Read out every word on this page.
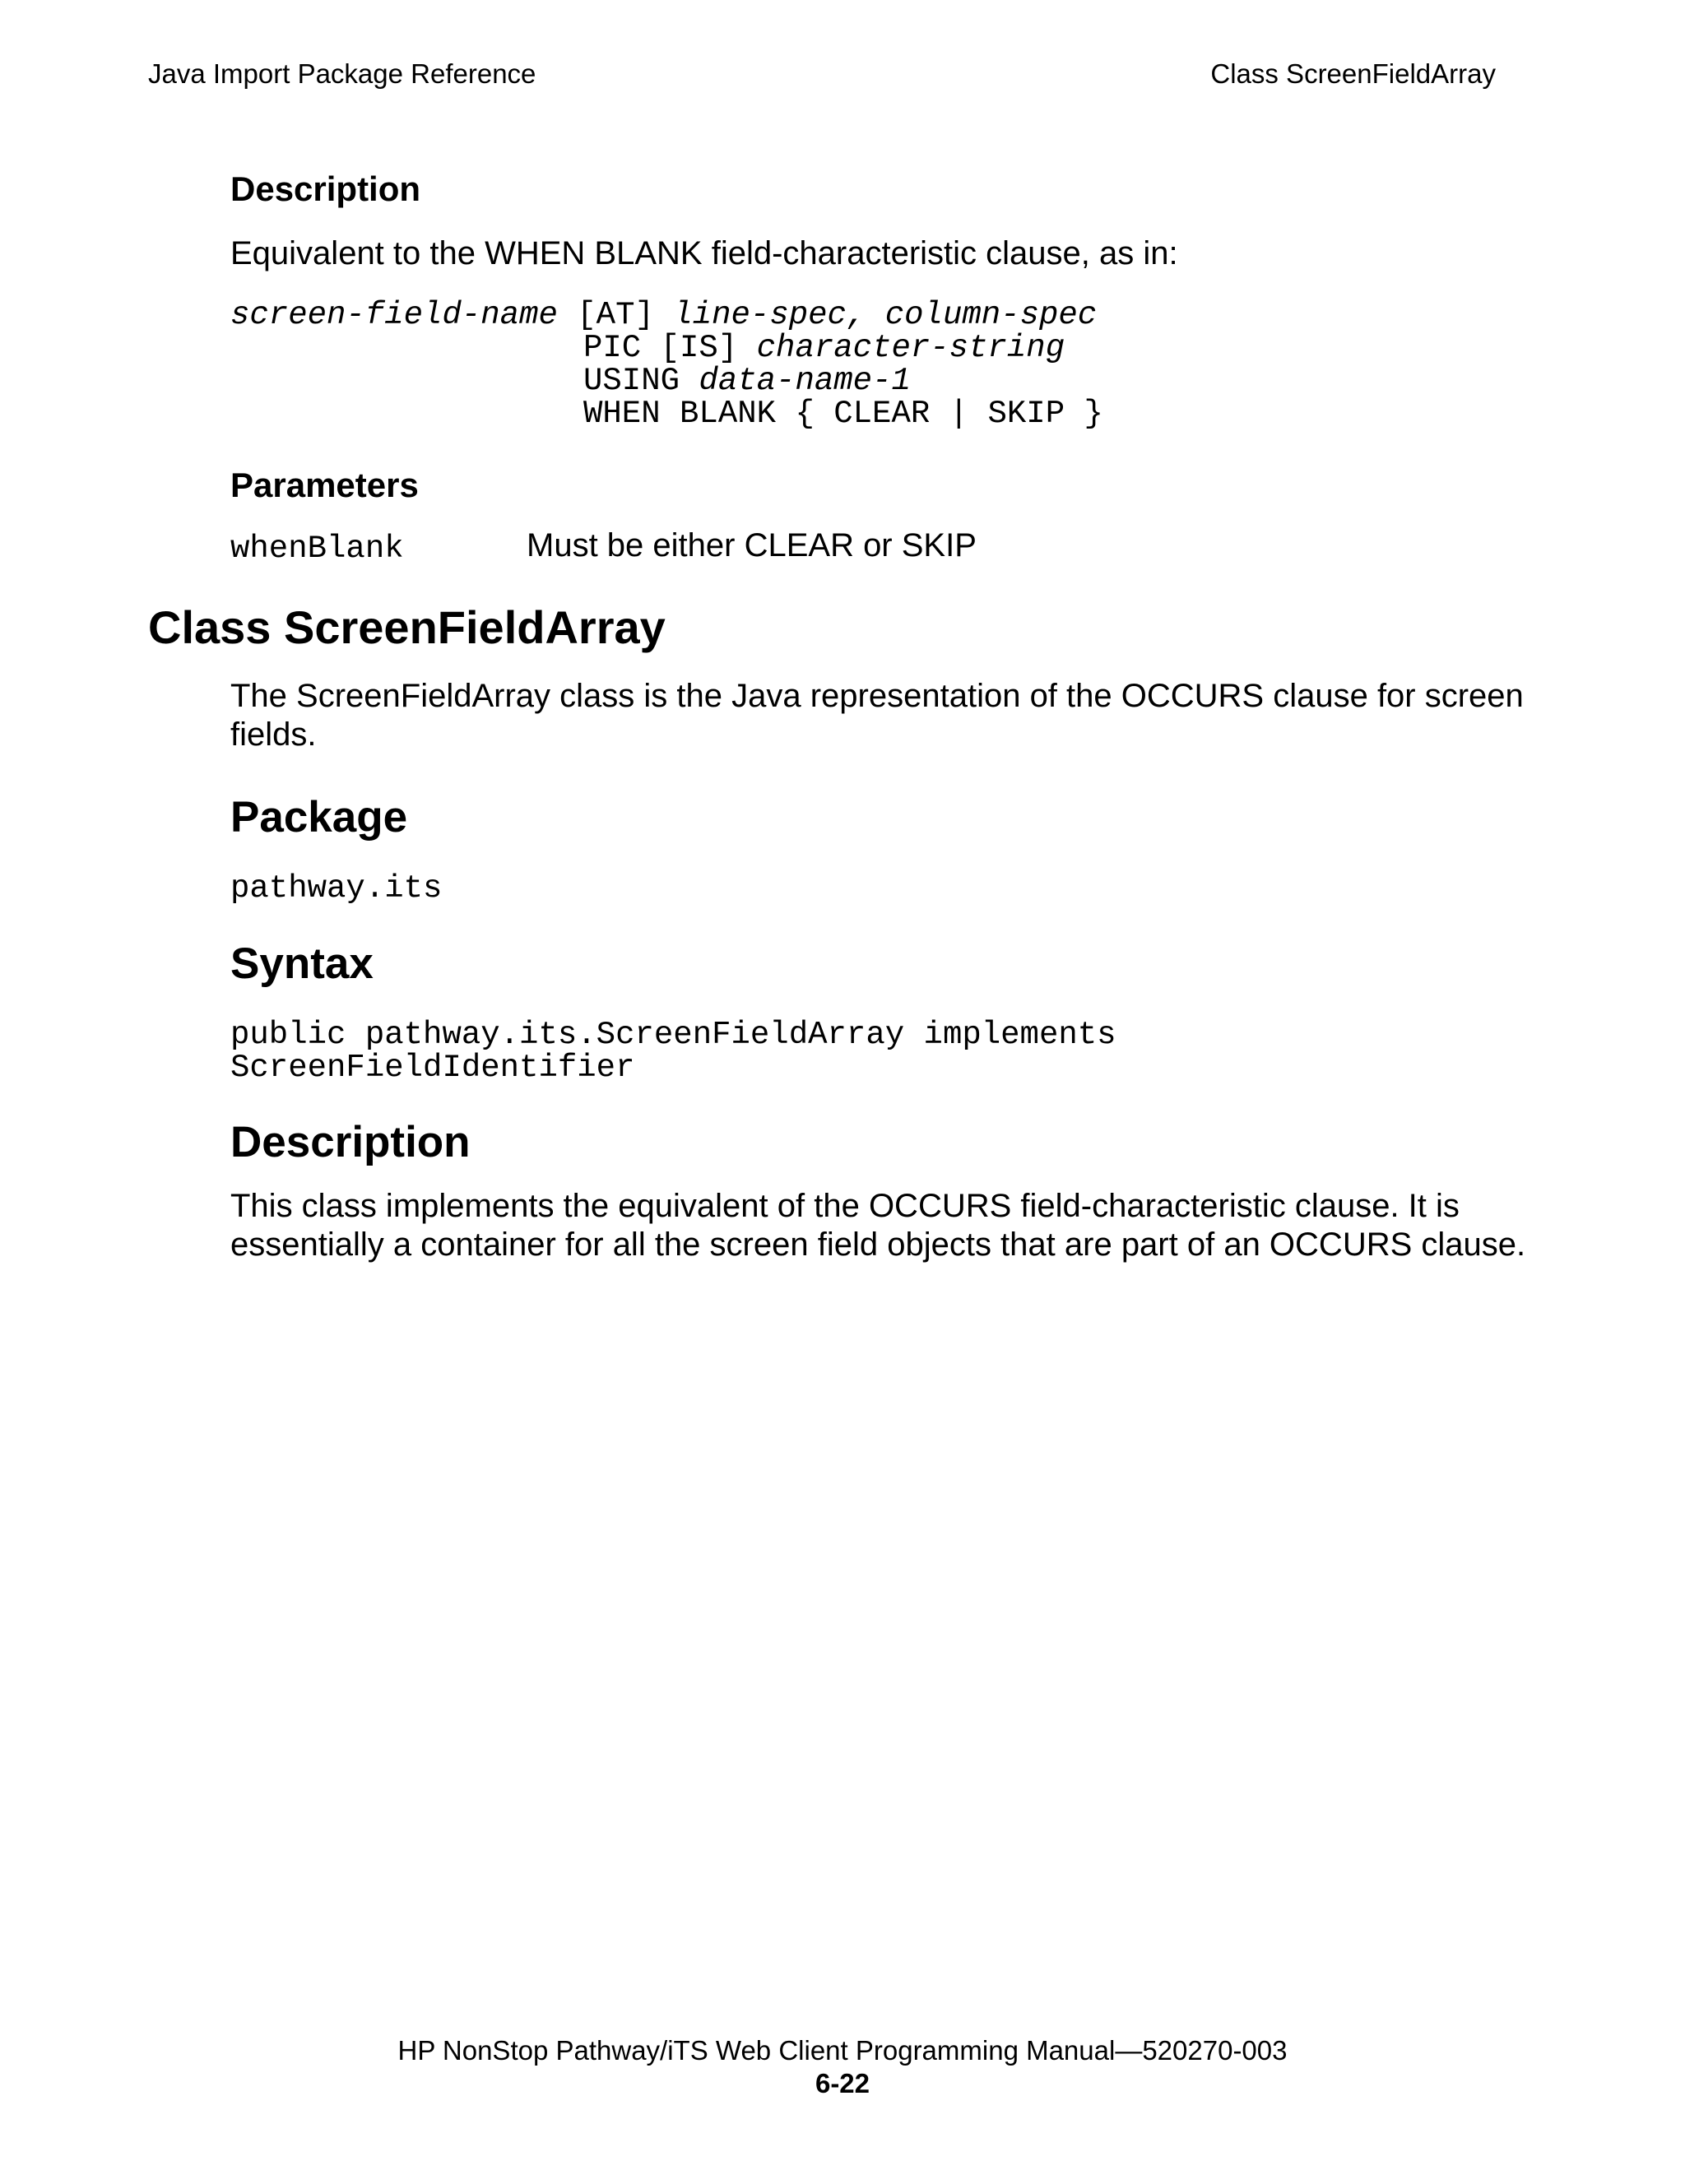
Java Import Package Reference	Class ScreenFieldArray
Description
Equivalent to the WHEN BLANK field-characteristic clause, as in:
screen-field-name [AT] line-spec, column-spec
PIC [IS] character-string
USING data-name-1
WHEN BLANK { CLEAR | SKIP }
Parameters
whenBlank	Must be either CLEAR or SKIP
Class ScreenFieldArray
The ScreenFieldArray class is the Java representation of the OCCURS clause for screen fields.
Package
pathway.its
Syntax
public pathway.its.ScreenFieldArray implements
ScreenFieldIdentifier
Description
This class implements the equivalent of the OCCURS field-characteristic clause. It is essentially a container for all the screen field objects that are part of an OCCURS clause.
HP NonStop Pathway/iTS Web Client Programming Manual—520270-003
6-22
